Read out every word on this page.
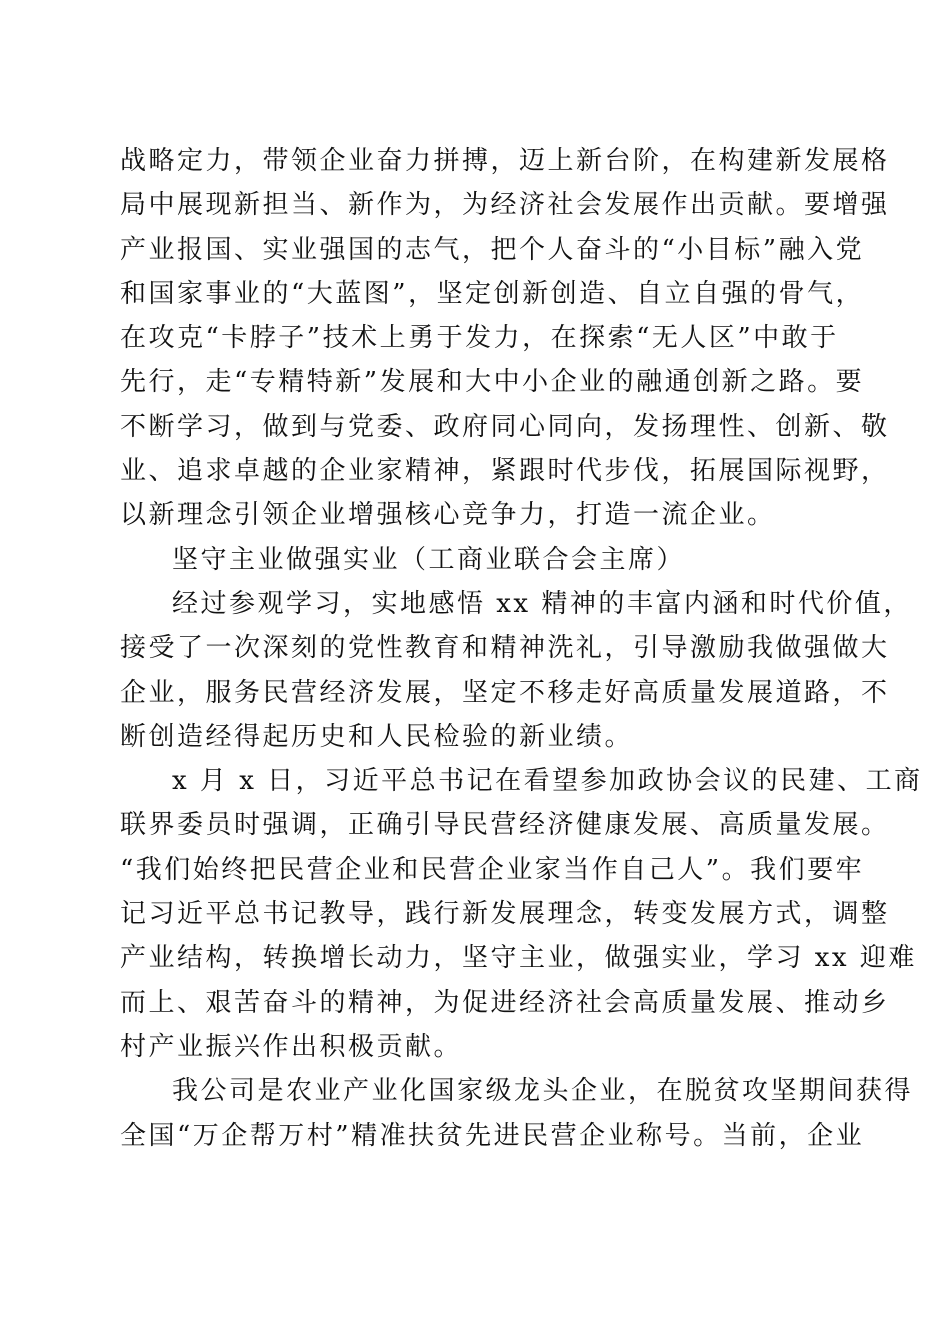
战略定力，带领企业奋力拼搏，迈上新台阶，在构建新发展格
局中展现新担当、新作为，为经济社会发展作出贡献。要增强
产业报国、实业强国的志气，把个人奋斗的“小目标”融入党
和国家事业的“大蓝图”，坚定创新创造、自立自强的骨气，
在攻克“卡脖子”技术上勇于发力，在探索“无人区”中敢于
先行，走“专精特新”发展和大中小企业的融通创新之路。要
不断学习，做到与党委、政府同心同向，发扬理性、创新、敬
业、追求卓越的企业家精神，紧跟时代步伐，拓展国际视野，
以新理念引领企业增强核心竞争力，打造一流企业。
坚守主业做强实业（工商业联合会主席）
经过参观学习，实地感悟 xx 精神的丰富内涵和时代价值，
接受了一次深刻的党性教育和精神洗礼，引导激励我做强做大
企业，服务民营经济发展，坚定不移走好高质量发展道路，不
断创造经得起历史和人民检验的新业绩。
x 月 x 日，习近平总书记在看望参加政协会议的民建、工商
联界委员时强调，正确引导民营经济健康发展、高质量发展。
“我们始终把民营企业和民营企业家当作自己人”。我们要牢
记习近平总书记教导，践行新发展理念，转变发展方式，调整
产业结构，转换增长动力，坚守主业，做强实业，学习 xx 迎难
而上、艰苦奋斗的精神，为促进经济社会高质量发展、推动乡
村产业振兴作出积极贡献。
我公司是农业产业化国家级龙头企业，在脱贫攻坚期间获得
全国“万企帮万村”精准扶贫先进民营企业称号。当前，企业
